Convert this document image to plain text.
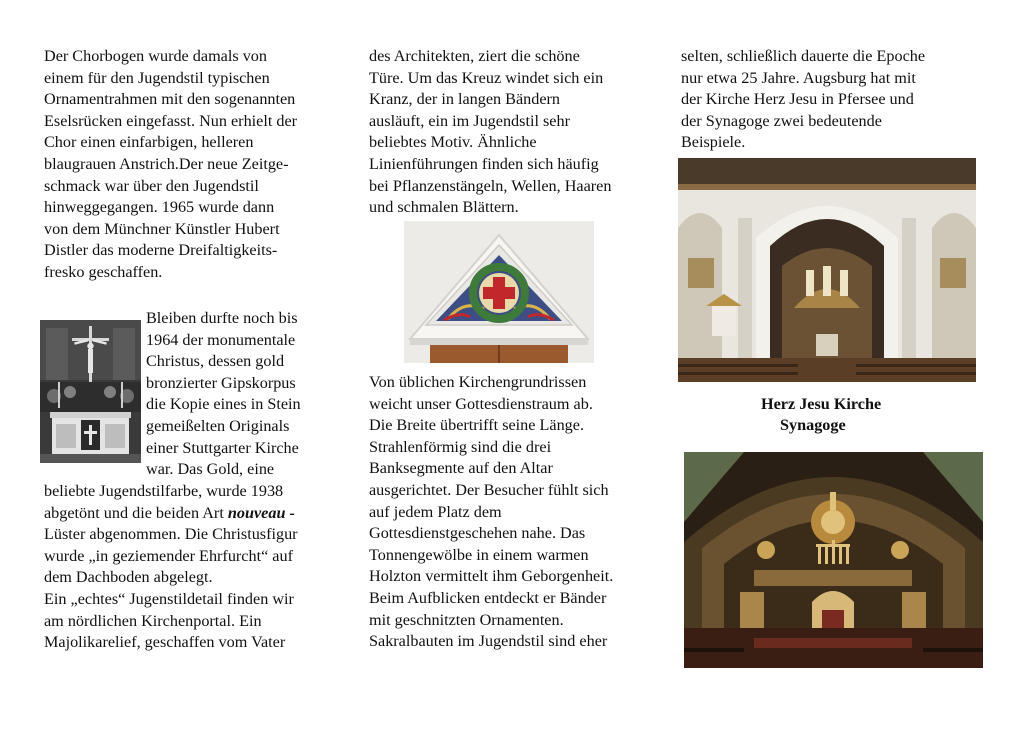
Der Chorbogen wurde damals von
einem für den Jugendstil typischen
Ornamentrahmen mit den sogenannten
Eselsrücken eingefasst. Nun erhielt der
Chor einen einfarbigen, helleren
blaugrauen Anstrich.Der neue Zeitge-
schmack war über den Jugendstil
hinweggegangen. 1965 wurde dann
von dem Münchner Künstler Hubert
Distler das moderne Dreifaltigkeits-
fresko geschaffen.
Bleiben durfte noch bis
1964 der monumentale
Christus, dessen gold
bronzierter Gipskorpus
die Kopie eines in Stein
gemeißelten Originals
einer Stuttgarter Kirche
war. Das Gold, eine
beliebte Jugendstilfarbe, wurde 1938
abgetönt und die beiden Art nouveau -
Lüster abgenommen. Die Christusfigur
wurde „in geziemender Ehrfurcht“ auf
dem Dachboden abgelegt.
Ein „echtes“ Jugenstildetail finden wir
am nördlichen Kirchenportal. Ein
Majolikarelief, geschaffen vom Vater
des Architekten, ziert die schöne
Türe. Um das Kreuz windet sich ein
Kranz, der in langen Bändern
ausläuft, ein im Jugendstil sehr
beliebtes Motiv. Ähnliche
Linienführungen finden sich häufig
bei Pflanzenstängeln, Wellen, Haaren
und schmalen Blättern.
Von üblichen Kirchengrundrissen
weicht unser Gottesdienstraum ab.
Die Breite übertrifft seine Länge.
Strahlenförmig sind die drei
Banksegmente auf den Altar
ausgerichtet. Der Besucher fühlt sich
auf jedem Platz dem
Gottesdienstgeschehen nahe. Das
Tonnengewölbe in einem warmen
Holzton vermittelt ihm Geborgenheit.
Beim Aufblicken entdeckt er Bänder
mit geschnitzten Ornamenten.
Sakralbauten im Jugendstil sind eher
selten, schließlich dauerte die Epoche
nur etwa 25 Jahre. Augsburg hat mit
der Kirche Herz Jesu in Pfersee und
der Synagoge zwei bedeutende
Beispiele.
Herz Jesu Kirche
Synagoge
